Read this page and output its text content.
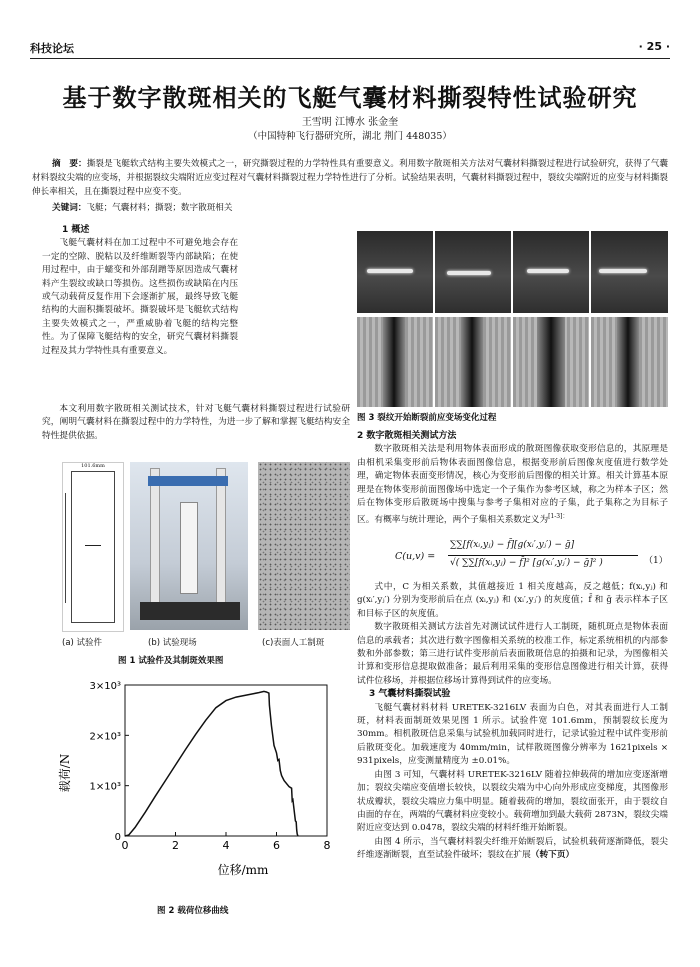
科技论坛	· 25 ·
基于数字散斑相关的飞艇气囊材料撕裂特性试验研究
王雪明 江博水 张金奎
（中国特种飞行器研究所，湖北 荆门 448035）
摘　要：撕裂是飞艇软式结构主要失效模式之一，研究撕裂过程的力学特性具有重要意义。利用数字散斑相关方法对气囊材料撕裂过程进行试验研究，获得了气囊材料裂纹尖端的应变场，并根据裂纹尖端附近应变过程对气囊材料撕裂过程力学特性进行了分析。试验结果表明，气囊材料撕裂过程中，裂纹尖端附近的应变与材料撕裂伸长率相关，且在撕裂过程中应变不变。
关键词：飞艇；气囊材料；撕裂；数字散斑相关
1 概述

飞艇气囊材料在加工过程中不可避免地会存在一定的空隙、脱粘以及纤维断裂等内部缺陷；在使用过程中，由于蠕变和外部刮蹭等原因造成气囊材料产生裂纹或缺口等损伤。这些损伤或缺陷在内压或气动载荷反复作用下会逐渐扩展，最终导致飞艇结构的大面积撕裂破坏。撕裂破坏是飞艇软式结构主要失效模式之一，严重威胁着飞艇的结构完整性。为了保障飞艇结构的安全，研究气囊材料撕裂过程及其力学特性具有重要意义。

本文利用数字散斑相关测试技术，针对飞艇气囊材料撕裂过程进行试验研究，阐明气囊材料在撕裂过程中的力学特性，为进一步了解和掌握飞艇结构安全特性提供依据。

101.6mm
(a) 试验件	(b) 试验现场	(c)表面人工制斑
图 1 试验件及其制斑效果图
0	2	4	6	8
0
1×10³
2×10³
3×10³
载荷/N
位移/mm
图 2 载荷位移曲线
图 3 裂纹开始断裂前应变场变化过程
2 数字散斑相关测试方法

数字散斑相关法是利用物体表面形成的散斑图像获取变形信息的，其原理是由相机采集变形前后物体表面图像信息，根据变形前后图像灰度值进行数学处理，确定物体表面变形情况，核心为变形前后图像的相关计算。相关计算基本原理是在物体变形前面图像场中选定一个子集作为参考区域，称之为样本子区；然后在物体变形后散斑场中搜集与参考子集相对应的子集，此子集称之为目标子区。有概率与统计理论，两个子集相关系数定义为$^{[1-3]:}$

C(u,v) =
∑∑[f(xᵢ,yⱼ) − f̄][g(xᵢ′,yⱼ′) − ḡ]
√( ∑∑[f(xᵢ,yⱼ) − f̄]² [g(xᵢ′,yⱼ′) − ḡ]² )	（1）

式中，C 为相关系数，其值越接近 1 相关度越高，反之越低；f(xᵢ,yⱼ) 和 g(xᵢ′,yⱼ′) 分别为变形前后在点 (xᵢ,yⱼ) 和 (xᵢ′,yⱼ′) 的灰度值；f̄ 和 ḡ 表示样本子区和目标子区的灰度值。

数字散斑相关测试方法首先对测试试件进行人工制斑，随机斑点是物体表面信息的承载者；其次进行数字图像相关系统的校准工作，标定系统相机的内部参数和外部参数；第三进行试件变形前后表面散斑信息的拍摄和记录，为图像相关计算和变形信息提取做准备；最后利用采集的变形信息图像进行相关计算，获得试件位移场，并根据位移场计算得到试件的应变场。

3 气囊材料撕裂试验

飞艇气囊材料材料 URETEK-3216LV 表面为白色，对其表面进行人工制斑，材料表面制斑效果见图 1 所示。试验件宽 101.6mm，预制裂纹长度为 30mm。相机散斑信息采集与试验机加载同时进行，记录试验过程中试件变形前后散斑变化。加载速度为 40mm/min，试样散斑图像分辨率为 1621pixels × 931pixels，应变测量精度为 ±0.01%。

由图 3 可知，气囊材料 URETEK-3216LV 随着拉伸载荷的增加应变逐渐增加；裂纹尖端应变值增长较快，以裂纹尖端为中心向外形成应变梯度，其图像形状成瓣状，裂纹尖端应力集中明显。随着载荷的增加，裂纹面张开，由于裂纹自由面的存在，两端的气囊材料应变较小。载荷增加到最大载荷 2873N，裂纹尖端附近应变达到 0.0478，裂纹尖端的材料纤维开始断裂。

由图 4 所示，当气囊材料裂尖纤维开始断裂后，试验机载荷逐渐降低，裂尖纤维逐渐断裂，直至试验件破坏；裂纹在扩展（转下页）
